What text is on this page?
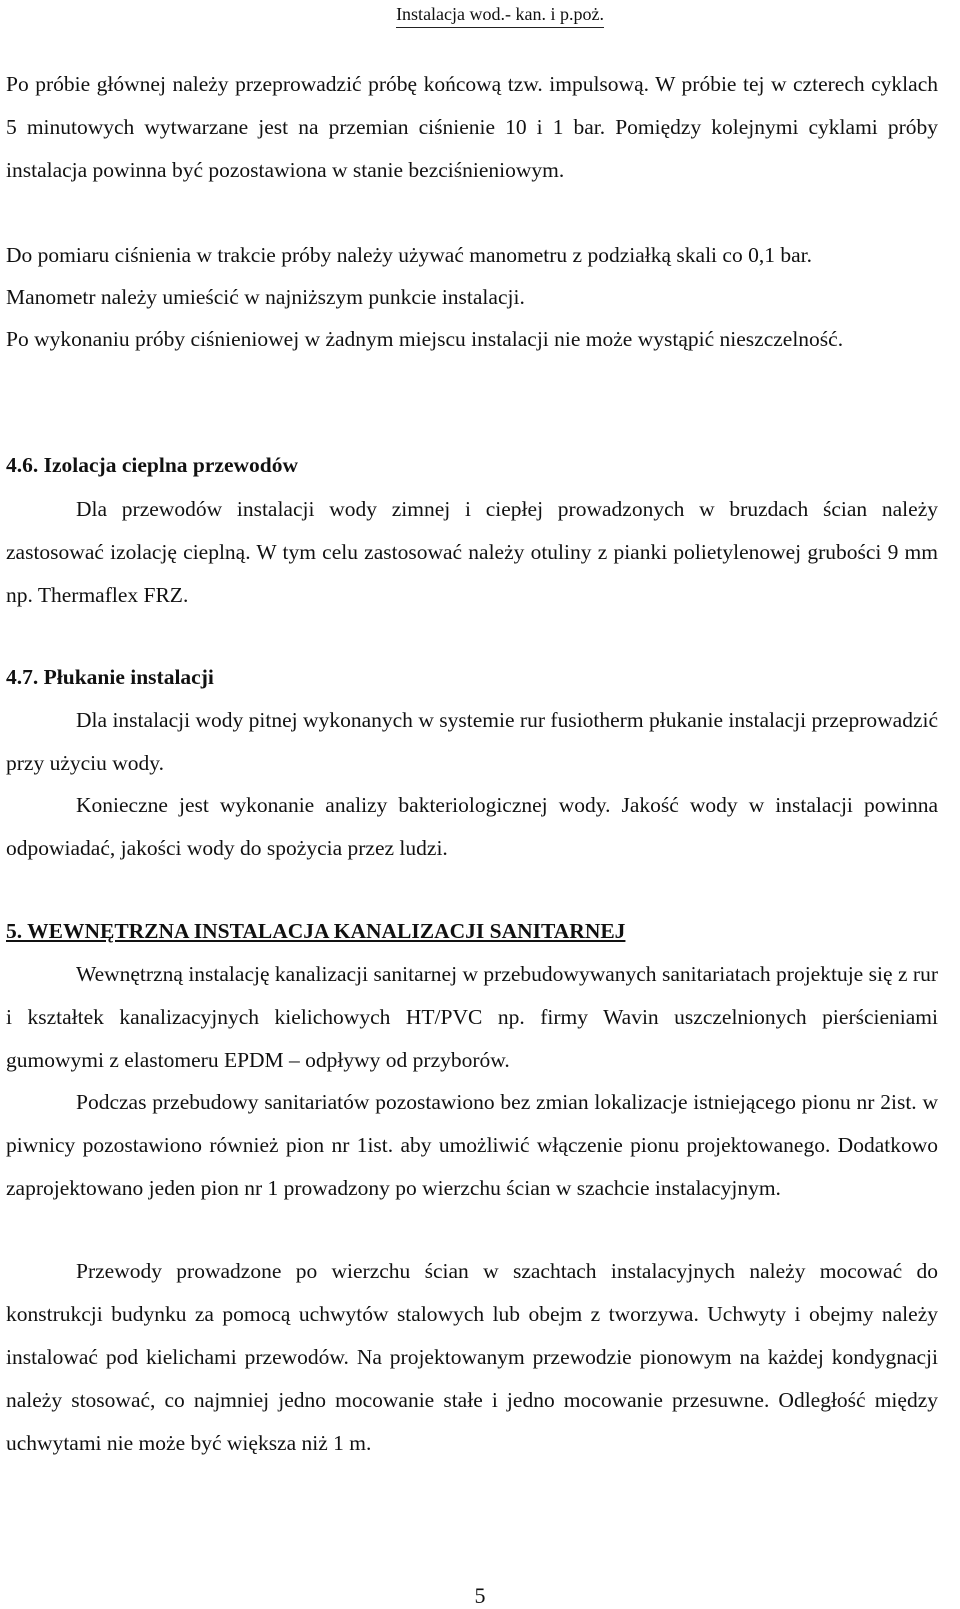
Instalacja wod.- kan. i p.poż.

Po próbie głównej należy przeprowadzić próbę końcową tzw. impulsową. W próbie tej w czterech cyklach 5 minutowych wytwarzane jest na przemian ciśnienie 10 i 1 bar. Pomiędzy kolejnymi cyklami próby instalacja powinna być pozostawiona w stanie bezciśnieniowym.

Do pomiaru ciśnienia w trakcie próby należy używać manometru z podziałką skali co 0,1 bar.

Manometr należy umieścić w najniższym punkcie instalacji.

Po wykonaniu próby ciśnieniowej w żadnym miejscu instalacji nie może wystąpić nieszczelność.

4.6. Izolacja cieplna przewodów

Dla przewodów instalacji wody zimnej i ciepłej prowadzonych w bruzdach ścian należy zastosować izolację cieplną. W tym celu zastosować należy otuliny z pianki polietylenowej grubości 9 mm np. Thermaflex FRZ.

4.7. Płukanie instalacji

Dla instalacji wody pitnej wykonanych w systemie rur fusiotherm płukanie instalacji przeprowadzić przy użyciu wody.

Konieczne jest wykonanie analizy bakteriologicznej wody. Jakość wody w instalacji powinna odpowiadać, jakości wody do spożycia przez ludzi.

5. WEWNĘTRZNA INSTALACJA KANALIZACJI SANITARNEJ

Wewnętrzną instalację kanalizacji sanitarnej w przebudowywanych sanitariatach projektuje się z rur i kształtek kanalizacyjnych kielichowych HT/PVC np. firmy Wavin uszczelnionych pierścieniami gumowymi z elastomeru EPDM – odpływy od przyborów.

Podczas przebudowy sanitariatów pozostawiono bez zmian lokalizacje istniejącego pionu nr 2ist. w piwnicy pozostawiono również pion nr 1ist. aby umożliwić włączenie pionu projektowanego. Dodatkowo zaprojektowano jeden pion nr 1 prowadzony po wierzchu ścian w szachcie instalacyjnym.

Przewody prowadzone po wierzchu ścian w szachtach instalacyjnych należy mocować do konstrukcji budynku za pomocą uchwytów stalowych lub obejm z tworzywa. Uchwyty i obejmy należy instalować pod kielichami przewodów. Na projektowanym przewodzie pionowym na każdej kondygnacji należy stosować, co najmniej jedno mocowanie stałe i jedno mocowanie przesuwne. Odległość między uchwytami nie może być większa niż 1 m.

5
